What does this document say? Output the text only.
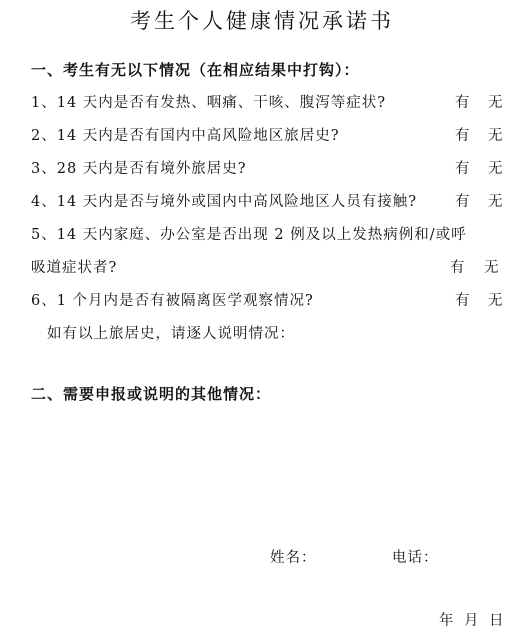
考生个人健康情况承诺书
一、考生有无以下情况（在相应结果中打钩）：
1、14 天内是否有发热、咽痛、干咳、腹泻等症状?	有 无
2、14 天内是否有国内中高风险地区旅居史?	有 无
3、28 天内是否有境外旅居史?	有 无
4、14 天内是否与境外或国内中高风险地区人员有接触?	有 无
5、14 天内家庭、办公室是否出现 2 例及以上发热病例和/或呼
吸道症状者?	有 无
6、1 个月内是否有被隔离医学观察情况?	有 无
如有以上旅居史，请逐人说明情况：
二、需要申报或说明的其他情况：
姓名：	电话：
年 月 日
